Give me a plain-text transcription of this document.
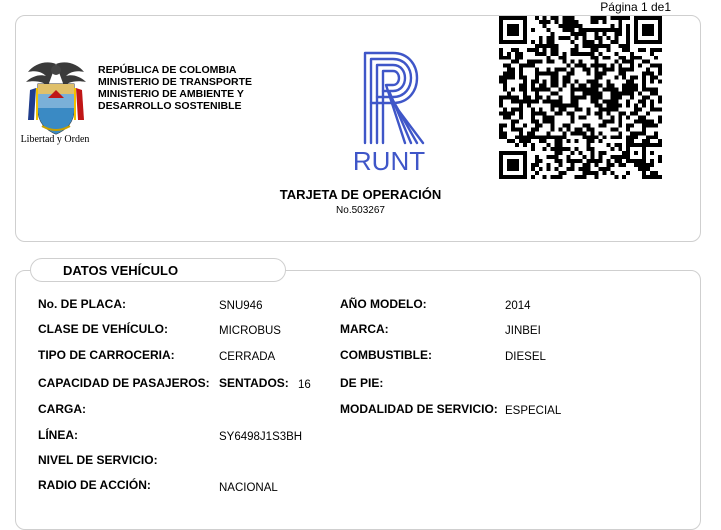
Página 1 de1
Libertad y Orden
REPÚBLICA DE COLOMBIA
MINISTERIO DE TRANSPORTE
MINISTERIO DE AMBIENTE Y
DESARROLLO SOSTENIBLE
RUNT
TARJETA DE OPERACIÓN
No.503267
DATOS VEHÍCULO
No. DE PLACA:	SNU946	AÑO MODELO:	2014
CLASE DE VEHÍCULO:	MICROBUS	MARCA:	JINBEI
TIPO DE CARROCERIA:	CERRADA	COMBUSTIBLE:	DIESEL
CAPACIDAD DE PASAJEROS: SENTADOS: 16 DE PIE:
CARGA:	MODALIDAD DE SERVICIO: ESPECIAL
LÍNEA:	SY6498J1S3BH
NIVEL DE SERVICIO:
RADIO DE ACCIÓN:	NACIONAL
